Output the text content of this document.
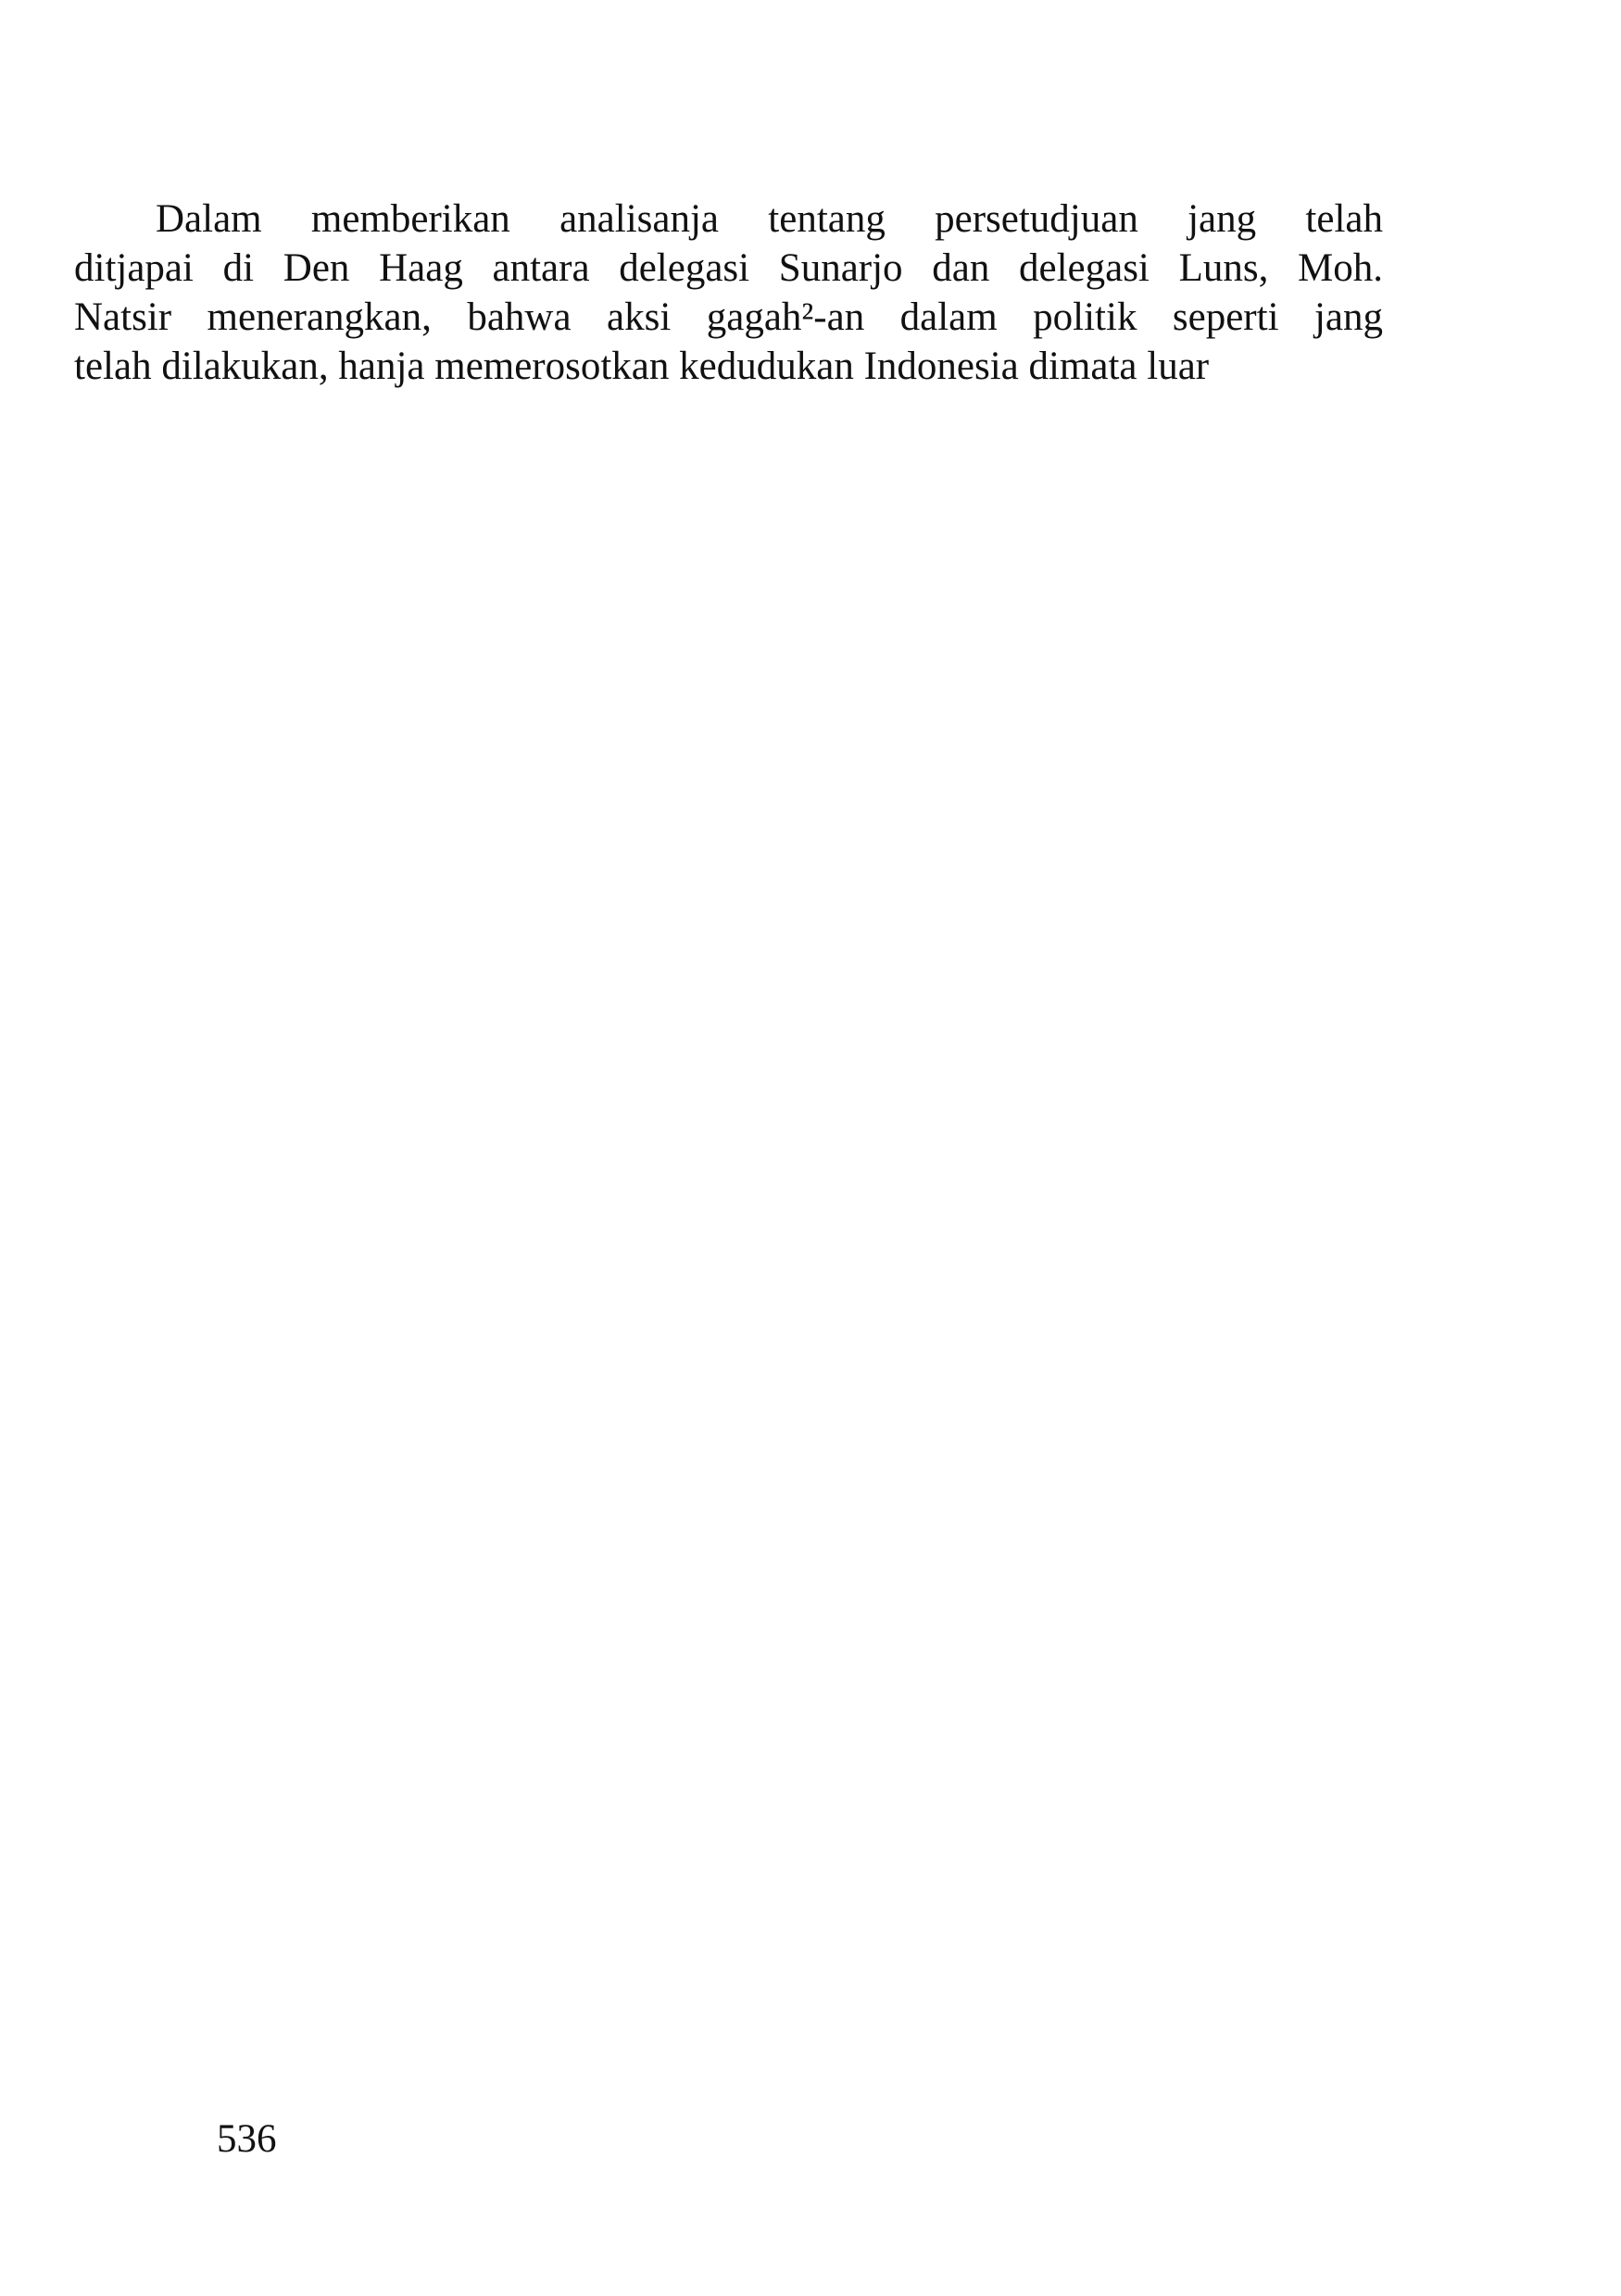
Dalam memberikan analisanja tentang persetudjuan jang telah
ditjapai di Den Haag antara delegasi Sunarjo dan delegasi Luns, Moh.
Natsir menerangkan, bahwa aksi gagah²-an dalam politik seperti jang
telah dilakukan, hanja memerosotkan kedudukan Indonesia dimata luar
536
